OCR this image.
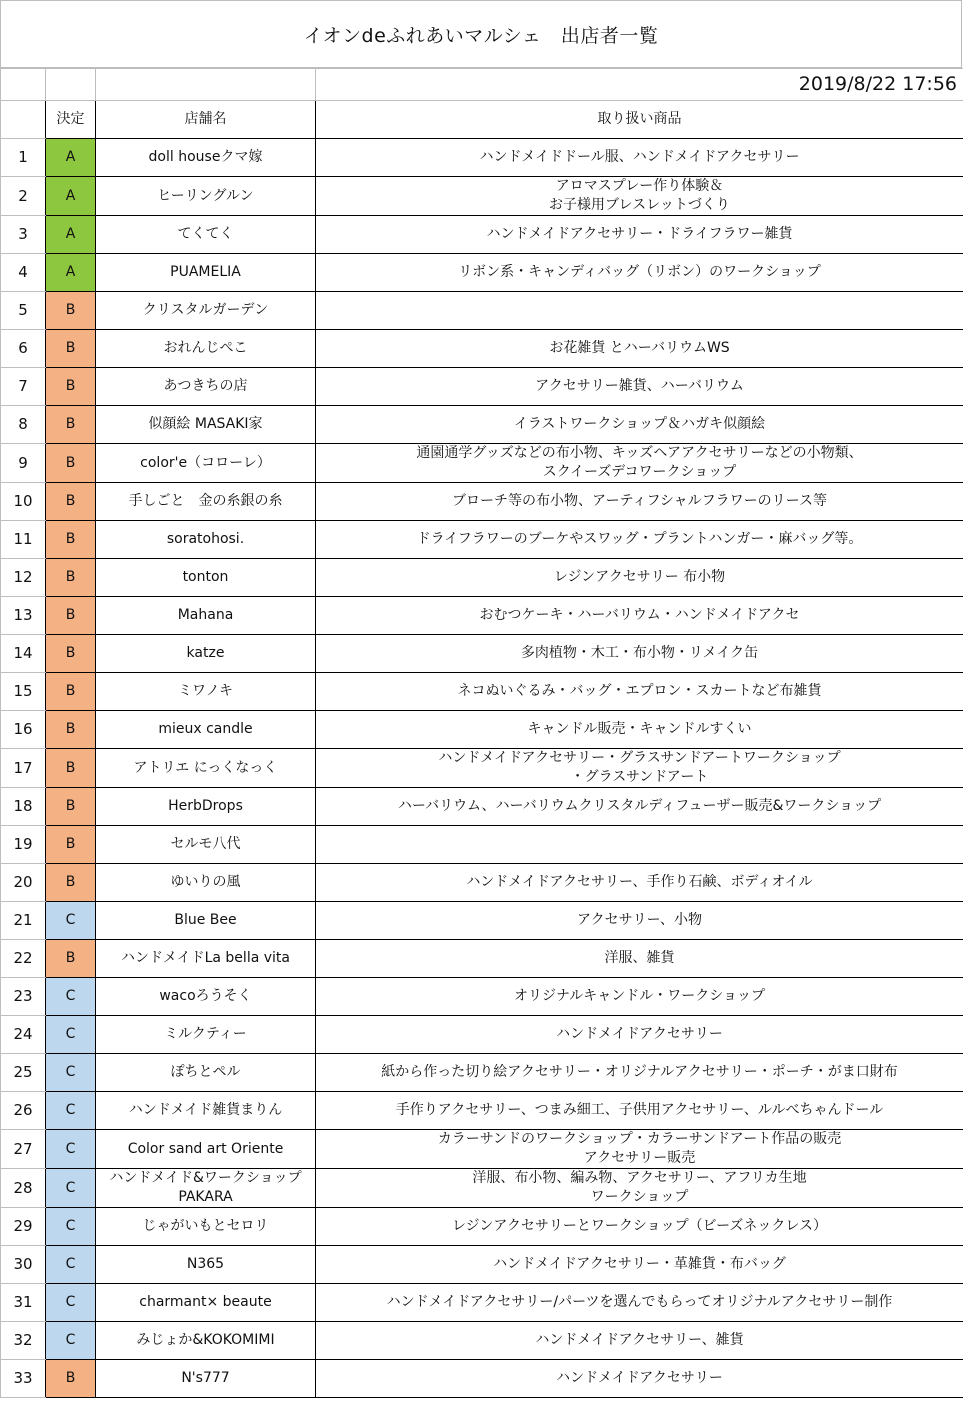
イオンdeふれあいマルシェ　出店者一覧
			2019/8/22 17:56
	決定	店舗名	取り扱い商品
1	A	doll houseクマ嫁	ハンドメイドドール服、ハンドメイドアクセサリー
2	A	ヒーリングルン	アロマスプレー作り体験＆
お子様用ブレスレットづくり
3	A	てくてく	ハンドメイドアクセサリー・ドライフラワー雑貨
4	A	PUAMELIA	リボン系・キャンディバッグ（リボン）のワークショップ
5	B	クリスタルガーデン	
6	B	おれんじぺこ	お花雑貨 とハーバリウムWS
7	B	あつきちの店	アクセサリー雑貨、ハーバリウム
8	B	似顔絵 MASAKI家	イラストワークショップ＆ハガキ似顔絵
9	B	color'e（コローレ）	通園通学グッズなどの布小物、キッズヘアアクセサリーなどの小物類、
スクイーズデコワークショップ
10	B	手しごと　金の糸銀の糸	ブローチ等の布小物、アーティフシャルフラワーのリース等
11	B	soratohosi.	ドライフラワーのブーケやスワッグ・プラントハンガー・麻バッグ等。
12	B	tonton	レジンアクセサリー 布小物
13	B	Mahana	おむつケーキ・ハーバリウム・ハンドメイドアクセ
14	B	katze	多肉植物・木工・布小物・リメイク缶
15	B	ミワノキ	ネコぬいぐるみ・バッグ・エプロン・スカートなど布雑貨
16	B	mieux candle	キャンドル販売・キャンドルすくい
17	B	アトリエ にっくなっく	ハンドメイドアクセサリー・グラスサンドアートワークショップ
・グラスサンドアート
18	B	HerbDrops	ハーバリウム、ハーバリウムクリスタルディフューザー販売&ワークショップ
19	B	セルモ八代	
20	B	ゆいりの風	ハンドメイドアクセサリー、手作り石鹸、ボディオイル
21	C	Blue Bee	アクセサリー、小物
22	B	ハンドメイドLa bella vita	洋服、雑貨
23	C	wacoろうそく	オリジナルキャンドル・ワークショップ
24	C	ミルクティー	ハンドメイドアクセサリー
25	C	ぽちとペル	紙から作った切り絵アクセサリー・オリジナルアクセサリー・ポーチ・がま口財布
26	C	ハンドメイド雑貨まりん	手作りアクセサリー、つまみ細工、子供用アクセサリー、ルルべちゃんドール
27	C	Color sand art Oriente	カラーサンドのワークショップ・カラーサンドアート作品の販売
アクセサリー販売
28	C	ハンドメイド&ワークショップ
PAKARA	洋服、布小物、編み物、アクセサリー、アフリカ生地
ワークショップ
29	C	じゃがいもとセロリ	レジンアクセサリーとワークショップ（ビーズネックレス）
30	C	N365	ハンドメイドアクセサリー・革雑貨・布バッグ
31	C	charmant× beaute	ハンドメイドアクセサリー/パーツを選んでもらってオリジナルアクセサリー制作
32	C	みじょか&KOKOMIMI	ハンドメイドアクセサリー、雑貨
33	B	N's777	ハンドメイドアクセサリー
